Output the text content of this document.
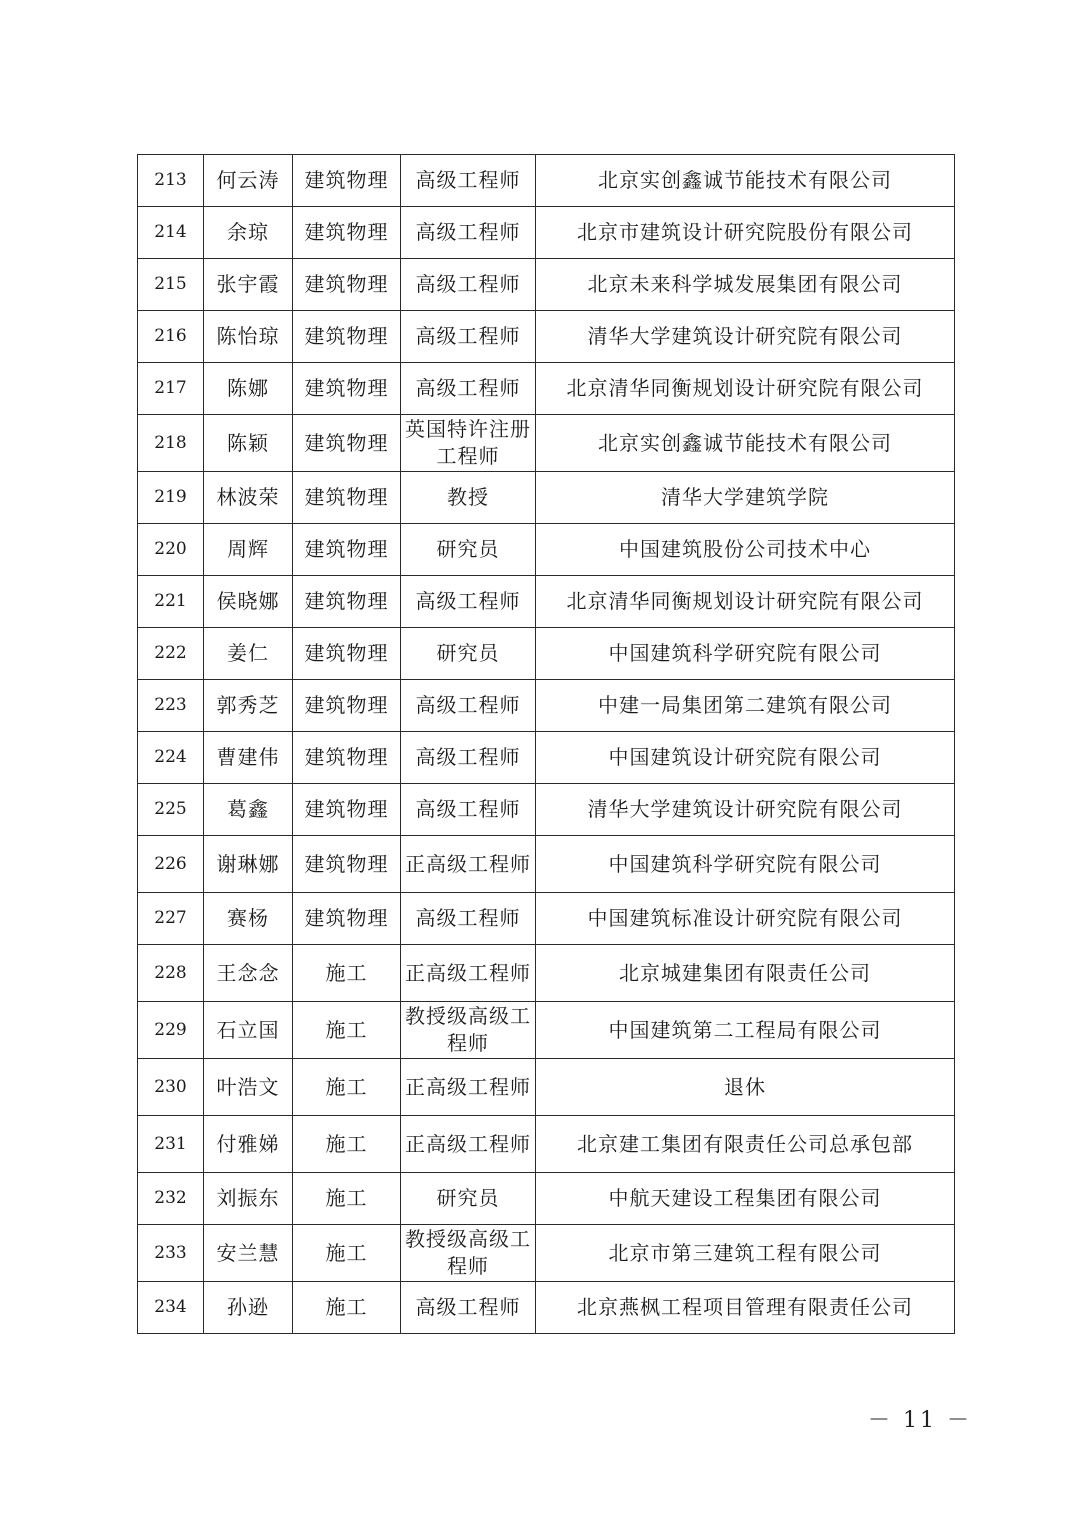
213	何云涛	建筑物理	高级工程师	北京实创鑫诚节能技术有限公司
214	余琼	建筑物理	高级工程师	北京市建筑设计研究院股份有限公司
215	张宇霞	建筑物理	高级工程师	北京未来科学城发展集团有限公司
216	陈怡琼	建筑物理	高级工程师	清华大学建筑设计研究院有限公司
217	陈娜	建筑物理	高级工程师	北京清华同衡规划设计研究院有限公司
218	陈颖	建筑物理	英国特许注册工程师	北京实创鑫诚节能技术有限公司
219	林波荣	建筑物理	教授	清华大学建筑学院
220	周辉	建筑物理	研究员	中国建筑股份公司技术中心
221	侯晓娜	建筑物理	高级工程师	北京清华同衡规划设计研究院有限公司
222	姜仁	建筑物理	研究员	中国建筑科学研究院有限公司
223	郭秀芝	建筑物理	高级工程师	中建一局集团第二建筑有限公司
224	曹建伟	建筑物理	高级工程师	中国建筑设计研究院有限公司
225	葛鑫	建筑物理	高级工程师	清华大学建筑设计研究院有限公司
226	谢琳娜	建筑物理	正高级工程师	中国建筑科学研究院有限公司
227	赛杨	建筑物理	高级工程师	中国建筑标准设计研究院有限公司
228	王念念	施工	正高级工程师	北京城建集团有限责任公司
229	石立国	施工	教授级高级工程师	中国建筑第二工程局有限公司
230	叶浩文	施工	正高级工程师	退休
231	付雅娣	施工	正高级工程师	北京建工集团有限责任公司总承包部
232	刘振东	施工	研究员	中航天建设工程集团有限公司
233	安兰慧	施工	教授级高级工程师	北京市第三建筑工程有限公司
234	孙逊	施工	高级工程师	北京燕枫工程项目管理有限责任公司
－ 11 －
